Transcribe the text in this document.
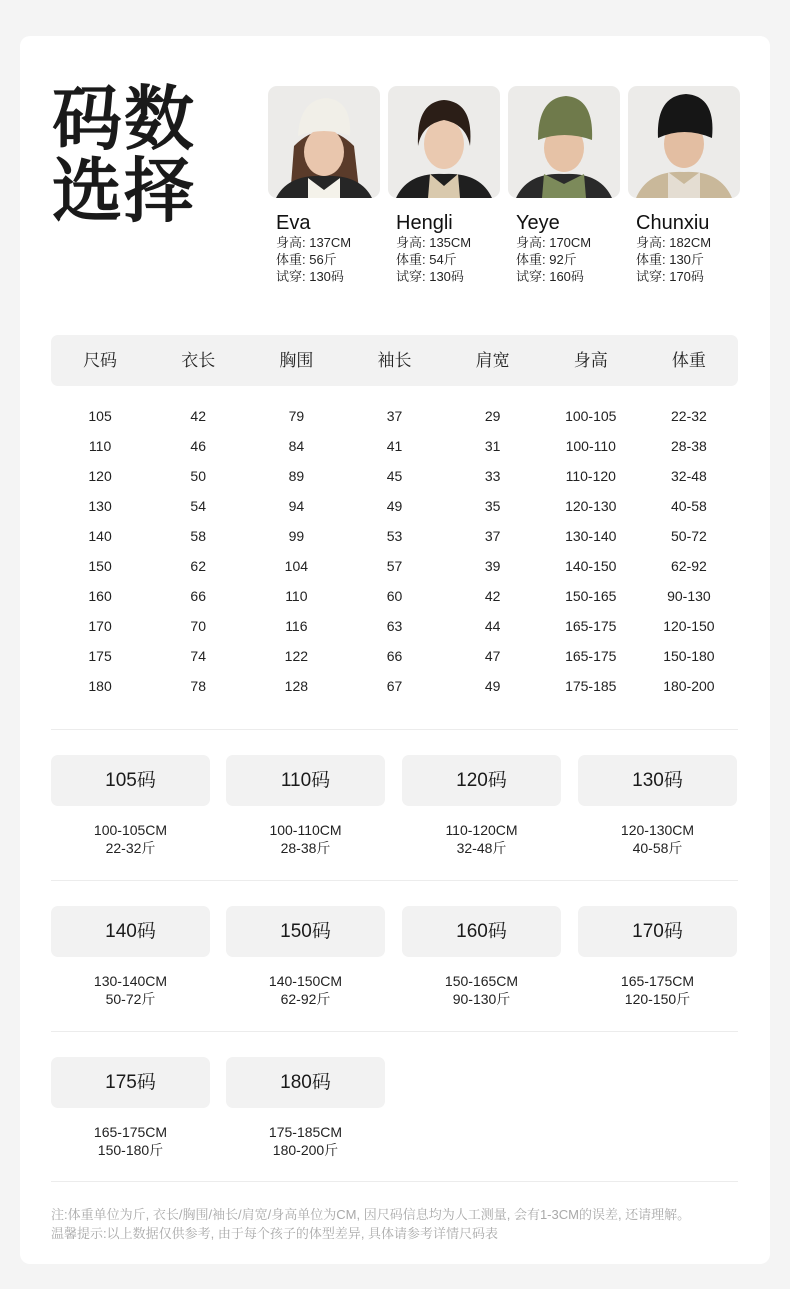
码数
选择	Eva
身高: 137CM
体重: 56斤
试穿: 130码
Hengli
身高: 135CM
体重: 54斤
试穿: 130码
Yeye
身高: 170CM
体重: 92斤
试穿: 160码
Chunxiu
身高: 182CM
体重: 130斤
试穿: 170码
尺码	衣长	胸围	袖长	肩宽	身高	体重
105	42	79	37	29	100-105	22-32
110	46	84	41	31	100-110	28-38
120	50	89	45	33	110-120	32-48
130	54	94	49	35	120-130	40-58
140	58	99	53	37	130-140	50-72
150	62	104	57	39	140-150	62-92
160	66	110	60	42	150-165	90-130
170	70	116	63	44	165-175	120-150
175	74	122	66	47	165-175	150-180
180	78	128	67	49	175-185	180-200
105码
100-105CM
22-32斤
110码
100-110CM
28-38斤
120码
110-120CM
32-48斤
130码
120-130CM
40-58斤
140码
130-140CM
50-72斤
150码
140-150CM
62-92斤
160码
150-165CM
90-130斤
170码
165-175CM
120-150斤
175码
165-175CM
150-180斤
180码
175-185CM
180-200斤
注:体重单位为斤, 衣长/胸围/袖长/肩宽/身高单位为CM, 因尺码信息均为人工测量, 会有1-3CM的误差, 还请理解。
温馨提示:以上数据仅供参考, 由于每个孩子的体型差异, 具体请参考详情尺码表
